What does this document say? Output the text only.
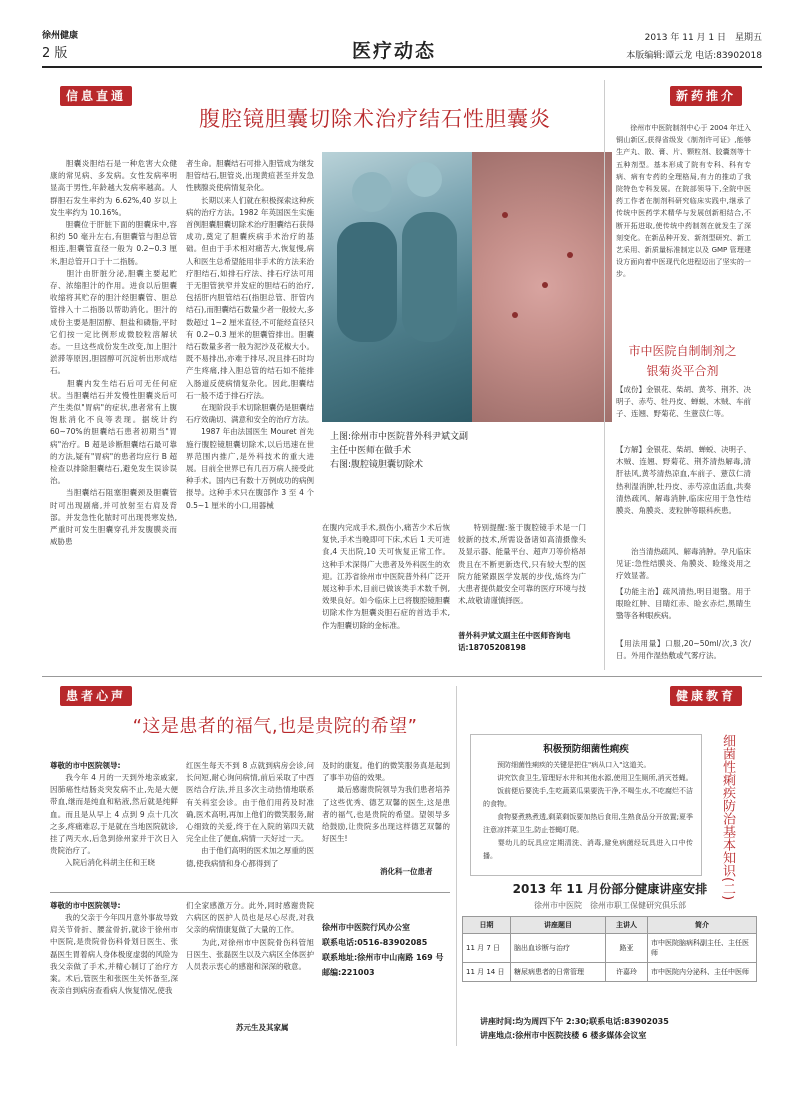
徐州健康
2 版	医疗动态
2013 年 11 月 1 日　星期五
本版编辑:谭云龙 电话:83902018
信息直通车	腹腔镜胆囊切除术治疗结石性胆囊炎
　　胆囊炎胆结石是一种危害大众健康的常见病、多发病。女性发病率明显高于男性,年龄越大发病率越高。人群胆石发生率约为 6.62%,40 岁以上发生率约为 10.16%。
　　胆囊位于肝脏下面的胆囊床中,容积约 50 毫升左右,有胆囊管与胆总管相连,胆囊管直径一般为 0.2~0.3 厘米,胆总管开口于十二指肠。
　　胆汁由肝脏分泌,胆囊主要起贮存、浓缩胆汁的作用。进食以后胆囊收缩将其贮存的胆汁经胆囊管、胆总管排入十二指肠以帮助消化。胆汁的成份主要是胆固醇、胆盐和磷脂,平时它们按一定比例形成微胶粒溶解状态。一旦这些成份发生改变,加上胆汁淤滞等原因,胆固醇可沉淀析出形成结石。
　　胆囊内发生结石后可无任何症状。当胆囊结石并发慢性胆囊炎后可产生类似"胃病"的症状,患者常有上腹饱胀消化不良等表现。据统计约 60~70%的胆囊结石患者初期当"胃病"治疗。B 超是诊断胆囊结石最可靠的方法,疑有"胃病"的患者均应行 B 超检查以排除胆囊结石,避免发生误诊误治。
　　当胆囊结石阻塞胆囊颈及胆囊管时可出现剧痛,并可放射至右肩及背部。并发急性化脓时可出现畏寒发热,严重时可发生胆囊穿孔并发腹膜炎而威胁患
者生命。胆囊结石可排入胆管成为继发胆管结石,胆管炎,出现黄疸甚至并发急性胰腺炎使病情复杂化。
　　长期以来人们就在积极探索这种疾病的治疗方法。1982 年英国医生实施首例胆囊胆囊切除术治疗胆囊结石获得成功,奠定了胆囊疾病手术治疗的基础。但由于手术相对痛苦大,恢复慢,病人和医生总希望能用非手术的方法来治疗胆结石,如排石疗法、排石疗法可用于无胆管狭窄并发症的胆结石的治疗,包括肝内胆管结石(指胆总管、肝管内结石),而胆囊结石数量少者一般较大,多数超过 1~2 厘米直径,不可能经直径只有 0.2~0.3 厘米的胆囊管排出。胆囊结石数量多者一般为泥沙及花椒大小。既不易排出,亦难于排尽,况且排石时均产生疼痛,排入胆总管的结石如不能排入肠道反使病情复杂化。因此,胆囊结石一般不适于排石疗法。
　　在现阶段手术切除胆囊仍是胆囊结石疗效确切、满意和安全的治疗方法。
　　1987 年由法国医生 Mouret 首先施行腹腔镜胆囊切除术,以后迅速在世界范围内推广,是外科技术的重大进展。目前全世界已有几百万病人接受此种手术。国内已有数十万例成功的病例报导。这种手术只在腹部作 3 至 4 个 0.5~1 厘米的小口,用器械
上图:徐州市中医院普外科尹斌文副主任中医师在做手术
右图:腹腔镜胆囊切除术
在腹内完成手术,损伤小,痛苦少术后恢复快,手术当晚即可下床,术后 1 天可进食,4 天出院,10 天可恢复正常工作。这种手术深得广大患者及外科医生的欢迎。江苏省徐州市中医院普外科广泛开展这种手术,目前已做该类手术数千例,效果良好。如今临床上已将腹腔镜胆囊切除术作为胆囊炎胆石症的首选手术,作为胆囊切除的金标准。
　　特别提醒:鉴于腹腔镜手术是一门较新的技术,所需设备诸如高清摄像头及显示器、能量平台、超声刀等价格昂贵且在不断更新迭代,只有较大型的医院方能紧跟医学发展的步伐,炼终为广大患者提供最安全可靠的医疗环境与技术,故敬请谨慎择医。
普外科尹斌文副主任中医师咨询电话:18705208198
新药推介
　　徐州市中医院制剂中心于 2004 年迁入铜山新区,获得省级发《制剂许可证》,能够生产丸、散、膏、片、颗粒剂、胶囊剂等十五种剂型。基本形成了院有专科、科有专病、病有专药的全理格局,有力的推动了我院特色专科发展。在院部领导下,全院中医药工作者在制剂科研究临床实践中,继承了传统中医药学术精华与发展创新相结合,不断开拓进取,使传统中药制剂在就发生了深刻变化。在新品种开发、新剂型研究、新工艺采用、新质量标准制定以及 GMP 管理建设方面向着中医现代化进程迈出了坚实的一步。
市中医院自制制剂之
银菊炎平合剂
【成份】金银花、柴胡、黄芩、荆芥、决明子、赤芍、牡丹皮、蝉蜕、木贼、车前子、连翘、野菊花、生薏苡仁等。
【方解】金银花、柴胡、蝉蜕、决明子、木贼、连翘、野菊花、荆芥清热解毒,清肝祛风,黄芩清热凉血,车前子、薏苡仁清热利湿消肿,牡丹皮、赤芍凉血活血,共奏清热疏风、解毒消肿,临床应用于急性结膜炎、角膜炎、麦粒肿等眼科疾患。
　　治当清热疏风、解毒消肿。孕凡临床见证:急性结膜炎、角膜炎、睑缘炎用之疗效显著。
【功能主治】疏风清热,明目退翳。用于眼睑红肿、目睛红赤、睑玄赤烂,黑睛生翳等各种眼疾病。
【用法用量】口服,20~50ml/次,3 次/日。外用作湿热敷或气雾疗法。
患者心声
“这是患者的福气,也是贵院的希望”
尊敬的市中医院领导:
　　我今年 4 月的一天到外地亲戚家,因肺癌性结肠炎突发病不止,先是大便带血,继而是纯血和粘液,然后就是纯鲜血。而且是从早上 4 点到 9 点十几次之多,疼痛难忍,于是就在当地医院就诊,挂了两天水,后急到徐州家并于次日入贵院治疗了。
　　入院后消化科胡主任和王晓
红医生每天不到 8 点就到病房会诊,问长问短,耐心询问病情,前后采取了中西医结合疗法,并且多次主动热情地联系有关科室会诊。由于他们用药及时准确,医术高明,再加上他们的微笑服务,耐心细致的关爱,终于在入院的第四天就完全止住了便血,病情一天好过一天。
　　由于他们高明的医术加之厚重的医德,使我病情和身心都得到了
及时的康复。他们的微笑服务真是起到了事半功倍的效果。
　　最后感谢贵院领导为我们患者培养了这些优秀、德艺双馨的医生,这是患者的福气,也是贵院的希望。望领导多给鼓励,让贵院多出现这样德艺双馨的好医生!
消化科一位患者
尊敬的市中医院领导:
　　我的父亲于今年四月意外事故导致肩关节骨折、腰盆骨折,就诊于徐州市中医院,是贵院骨伤科骨划日医生、张磊医生胃着病人身体极度虚弱的风险为我父亲做了手术,并精心制订了治疗方案。术后,管医生和张医生关怀备至,深夜亲自到病房查看病人恢复情况,使我
们全家感激万分。此外,同时感谢贵院六病区的医护人员也是尽心尽责,对我父亲的病情康复做了大量的工作。
　　为此,对徐州市中医院骨伤科管旭日医生、张磊医生以及六病区全体医护人员表示衷心的感谢和深深的敬意。
苏元生及其家属
徐州市中医院行风办公室
联系电话:0516-83902085
联系地址:徐州市中山南路 169 号
邮编:221003
健康教育
积极预防细菌性痢疾
　　预防细菌性痢疾的关键是把住"病从口入"这道关。
　　讲究饮食卫生,管理好水井和其他水源,使用卫生厕所,消灭苍蝇。
　　饭前便后要洗手,生吃蔬菜瓜果要洗干净,不喝生水,不吃腐烂不洁的食物。
　　食物要煮熟煮透,剩菜剩饭要加热后食用,生熟食品分开放置;夏季注意凉拌菜卫生,防止苍蝇叮爬。
　　婴幼儿的玩具应定期清洗、消毒,避免病菌经玩具进入口中传播。	细菌性痢疾防治基本知识(二)
2013 年 11 月份部分健康讲座安排
徐州市中医院　徐州市职工保健研究俱乐部
日期	讲座题目	主讲人	简介
11 月 7 日	脑出血诊断与治疗	路亚	市中医院脑病科副主任、主任医师
11 月 14 日	糖尿病患者的日常管理	许嘉玲	市中医院内分泌科、主任中医师
讲座时间:均为周四下午 2:30;联系电话:83902035
讲座地点:徐州市中医院技楼 6 楼多媒体会议室
